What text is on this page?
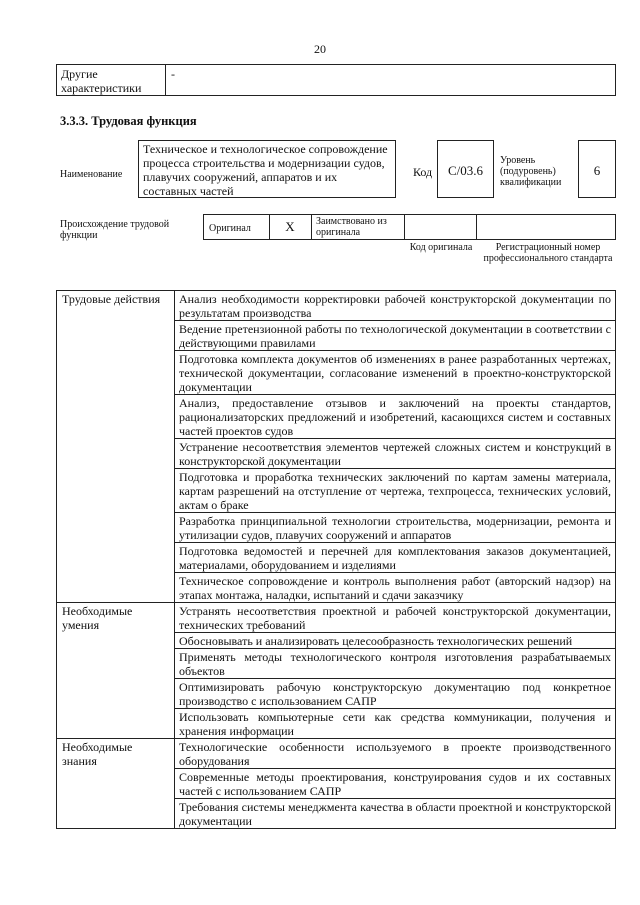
20
Другие характеристики
-
3.3.3. Трудовая функция
Наименование
Техническое и технологическое сопровождение процесса строительства и модернизации судов, плавучих сооружений, аппаратов и их составных частей
Код	С/03.6
Уровень (подуровень) квалификации
6
Происхождение трудовой функции
Оригинал	X	Заимствовано из оригинала
Код оригинала	Регистрационный номер профессионального стандарта
Трудовые действия	Анализ необходимости корректировки рабочей конструкторской документации по результатам производства
	Ведение претензионной работы по технологической документации в соответствии с действующими правилами
	Подготовка комплекта документов об изменениях в ранее разработанных чертежах, технической документации, согласование изменений в проектно-конструкторской документации
	Анализ, предоставление отзывов и заключений на проекты стандартов, рационализаторских предложений и изобретений, касающихся систем и составных частей проектов судов
	Устранение несоответствия элементов чертежей сложных систем и конструкций в конструкторской документации
	Подготовка и проработка технических заключений по картам замены материала, картам разрешений на отступление от чертежа, техпроцесса, технических условий, актам о браке
	Разработка принципиальной технологии строительства, модернизации, ремонта и утилизации судов, плавучих сооружений и аппаратов
	Подготовка ведомостей и перечней для комплектования заказов документацией, материалами, оборудованием и изделиями
	Техническое сопровождение и контроль выполнения работ (авторский надзор) на этапах монтажа, наладки, испытаний и сдачи заказчику
Необходимые умения	Устранять несоответствия проектной и рабочей конструкторской документации, технических требований
	Обосновывать и анализировать целесообразность технологических решений
	Применять методы технологического контроля изготовления разрабатываемых объектов
	Оптимизировать рабочую конструкторскую документацию под конкретное производство с использованием САПР
	Использовать компьютерные сети как средства коммуникации, получения и хранения информации
Необходимые знания	Технологические особенности используемого в проекте производственного оборудования
	Современные методы проектирования, конструирования судов и их составных частей с использованием САПР
	Требования системы менеджмента качества в области проектной и конструкторской документации
